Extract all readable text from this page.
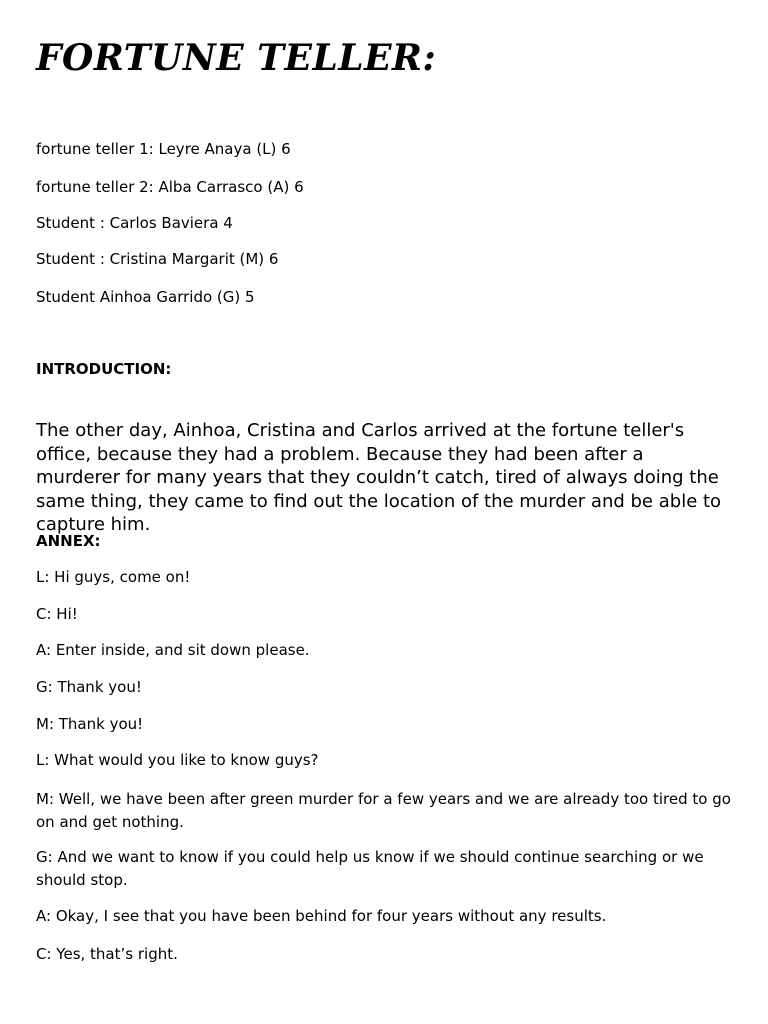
FORTUNE TELLER:

fortune teller 1: Leyre Anaya (L) 6

fortune teller 2: Alba Carrasco (A) 6

Student : Carlos Baviera 4

Student : Cristina Margarit (M) 6

Student Ainhoa Garrido (G) 5

INTRODUCTION:

The other day, Ainhoa, Cristina and Carlos arrived at the fortune teller's office, because they had a problem. Because they had been after a murderer for many years that they couldn’t catch, tired of always doing the same thing, they came to find out the location of the murder and be able to capture him.

ANNEX:

L: Hi guys, come on!

C: Hi!

A: Enter inside, and sit down please.

G: Thank you!

M: Thank you!

L: What would you like to know guys?

M: Well, we have been after green murder for a few years and we are already too tired to go on and get nothing.

G: And we want to know if you could help us know if we should continue searching or we should stop.

A: Okay, I see that you have been behind for four years without any results.

C: Yes, that’s right.
